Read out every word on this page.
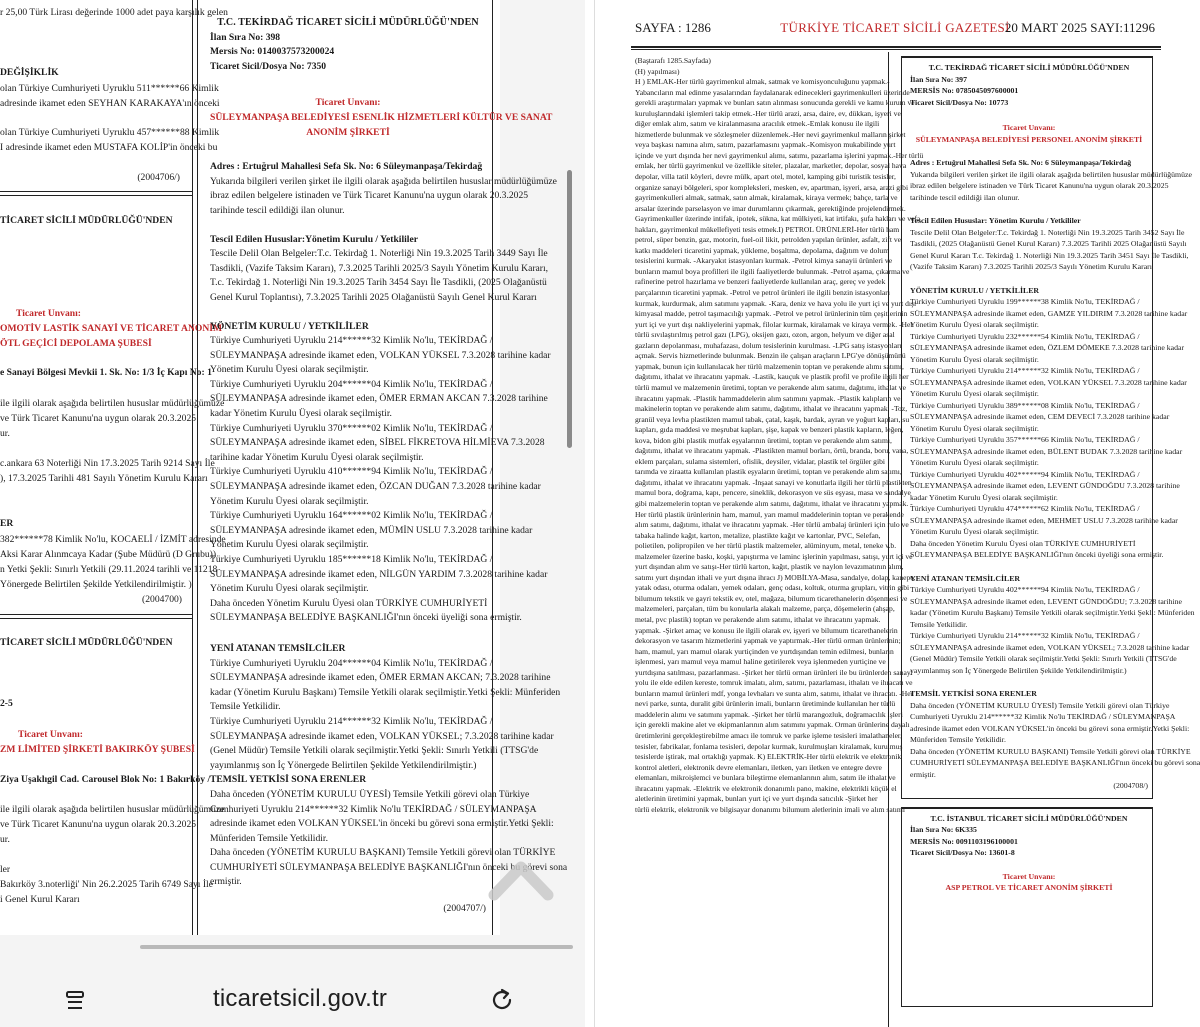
r 25,00 Türk Lirası değerinde 1000 adet paya karşılık gelen
DEĞİŞİKLİK
olan Türkiye Cumhuriyeti Uyruklu 511******66 Kimlik
adresinde ikamet eden SEYHAN KARAKAYA'ın önceki
olan Türkiye Cumhuriyeti Uyruklu 457******88 Kimlik
I adresinde ikamet eden MUSTAFA KOLİP'in önceki bu
(2004706/)
TİCARET SİCİLİ MÜDÜRLÜĞÜ'NDEN
Ticaret Unvanı:
OMOTİV LASTİK SANAYİ VE TİCARET ANONİM
ÖTL GEÇİCİ DEPOLAMA ŞUBESİ
e Sanayi Bölgesi Mevkii 1. Sk. No: 1/3 İç Kapı No: 1
ile ilgili olarak aşağıda belirtilen hususlar müdürlüğümüze
ve Türk Ticaret Kanunu'na uygun olarak 20.3.2025
ur.
c.ankara 63 Noterliği Nin 17.3.2025 Tarih 9214 Sayı İle
), 17.3.2025 Tarihli 481 Sayılı Yönetim Kurulu Kararı
ER
382******78 Kimlik No'lu, KOCAELİ / İZMİT adresinde
Aksi Karar Alınmcaya Kadar (Şube Müdürü (D Grubu))
n Yetki Şekli: Sınırlı Yetkili (29.11.2024 tarihli ve 11218
Yönergede Belirtilen Şekilde Yetkilendirilmiştir. )
(2004700)
TİCARET SİCİLİ MÜDÜRLÜĞÜ'NDEN
2-5
Ticaret Unvanı:
ZM LİMİTED ŞİRKETİ BAKIRKÖY ŞUBESİ
Ziya Uşaklıgil Cad. Carousel Blok No: 1 Bakırköy /
ile ilgili olarak aşağıda belirtilen hususlar müdürlüğümüze
ve Türk Ticaret Kanunu'na uygun olarak 20.3.2025
ur.
ler
Bakırköy 3.noterliği' Nin 26.2.2025 Tarih 6749 Sayı İle
i Genel Kurul Kararı
T.C. TEKİRDAĞ TİCARET SİCİLİ MÜDÜRLÜĞÜ'NDEN
İlan Sıra No: 398
Mersis No: 0140037573200024
Ticaret Sicil/Dosya No: 7350
Ticaret Unvanı:
SÜLEYMANPAŞA BELEDİYESİ ESENLİK HİZMETLERİ KÜLTÜR VE SANAT
ANONİM ŞİRKETİ
Adres : Ertuğrul Mahallesi Sefa Sk. No: 6 Süleymanpaşa/Tekirdağ
Yukarıda bilgileri verilen şirket ile ilgili olarak aşağıda belirtilen hususlar müdürlüğümüze
ibraz edilen belgelere istinaden ve Türk Ticaret Kanunu'na uygun olarak 20.3.2025
tarihinde tescil edildiği ilan olunur.
Tescil Edilen Hususlar:Yönetim Kurulu / Yetkililer
Tescile Delil Olan Belgeler:T.c. Tekirdağ 1. Noterliği Nin 19.3.2025 Tarih 3449 Sayı İle
Tasdikli, (Vazife Taksim Kararı), 7.3.2025 Tarihli 2025/3 Sayılı Yönetim Kurulu Kararı,
T.c. Tekirdağ 1. Noterliği Nin 19.3.2025 Tarih 3454 Sayı İle Tasdikli, (2025 Olağanüstü
Genel Kurul Toplantısı), 7.3.2025 Tarihli 2025 Olağanüstü Sayılı Genel Kurul Kararı
YÖNETİM KURULU / YETKİLİLER
Türkiye Cumhuriyeti Uyruklu 214******32 Kimlik No'lu, TEKİRDAĞ /
SÜLEYMANPAŞA adresinde ikamet eden, VOLKAN YÜKSEL 7.3.2028 tarihine kadar
Yönetim Kurulu Üyesi olarak seçilmiştir.
Türkiye Cumhuriyeti Uyruklu 204******04 Kimlik No'lu, TEKİRDAĞ /
SÜLEYMANPAŞA adresinde ikamet eden, ÖMER ERMAN AKCAN 7.3.2028 tarihine
kadar Yönetim Kurulu Üyesi olarak seçilmiştir.
Türkiye Cumhuriyeti Uyruklu 370******02 Kimlik No'lu, TEKİRDAĞ /
SÜLEYMANPAŞA adresinde ikamet eden, SİBEL FİKRETOVA HİLMİEVA 7.3.2028
tarihine kadar Yönetim Kurulu Üyesi olarak seçilmiştir.
Türkiye Cumhuriyeti Uyruklu 410******94 Kimlik No'lu, TEKİRDAĞ /
SÜLEYMANPAŞA adresinde ikamet eden, ÖZCAN DUĞAN 7.3.2028 tarihine kadar
Yönetim Kurulu Üyesi olarak seçilmiştir.
Türkiye Cumhuriyeti Uyruklu 164******02 Kimlik No'lu, TEKİRDAĞ /
SÜLEYMANPAŞA adresinde ikamet eden, MÜMİN USLU 7.3.2028 tarihine kadar
Yönetim Kurulu Üyesi olarak seçilmiştir.
Türkiye Cumhuriyeti Uyruklu 185******18 Kimlik No'lu, TEKİRDAĞ /
SÜLEYMANPAŞA adresinde ikamet eden, NİLGÜN YARDIM 7.3.2028 tarihine kadar
Yönetim Kurulu Üyesi olarak seçilmiştir.
Daha önceden Yönetim Kurulu Üyesi olan TÜRKİYE CUMHURİYETİ
SÜLEYMANPAŞA BELEDİYE BAŞKANLIĞI'nın önceki üyeliği sona ermiştir.
YENİ ATANAN TEMSİLCİLER
Türkiye Cumhuriyeti Uyruklu 204******04 Kimlik No'lu, TEKİRDAĞ /
SÜLEYMANPAŞA adresinde ikamet eden, ÖMER ERMAN AKCAN; 7.3.2028 tarihine
kadar (Yönetim Kurulu Başkanı) Temsile Yetkili olarak seçilmiştir.Yetki Şekli: Münferiden
Temsile Yetkilidir.
Türkiye Cumhuriyeti Uyruklu 214******32 Kimlik No'lu, TEKİRDAĞ /
SÜLEYMANPAŞA adresinde ikamet eden, VOLKAN YÜKSEL; 7.3.2028 tarihine kadar
(Genel Müdür) Temsile Yetkili olarak seçilmiştir.Yetki Şekli: Sınırlı Yetkili (TTSG'de
yayımlanmış son İç Yönergede Belirtilen Şekilde Yetkilendirilmiştir.)
TEMSİL YETKİSİ SONA ERENLER
Daha önceden (YÖNETİM KURULU ÜYESİ) Temsile Yetkili görevi olan Türkiye
Cumhuriyeti Uyruklu 214******32 Kimlik No'lu TEKİRDAĞ / SÜLEYMANPAŞA
adresinde ikamet eden VOLKAN YÜKSEL'in önceki bu görevi sona ermiştir.Yetki Şekli:
Münferiden Temsile Yetkilidir.
Daha önceden (YÖNETİM KURULU BAŞKANI) Temsile Yetkili görevi olan TÜRKİYE
CUMHURİYETİ SÜLEYMANPAŞA BELEDİYE BAŞKANLIĞI'nın önceki bu görevi sona
ermiştir.
(2004707/)
ticaretsicil.gov.tr
SAYFA : 1286	TÜRKİYE TİCARET SİCİLİ GAZETESİ
20 MART 2025 SAYI:11296
(Baştarafı 1285.Sayfada)
(H) yapılması)
H ) EMLAK-Her türlü gayrimenkul almak, satmak ve komisyonculuğunu yapmak.-
Yabancıların mal edinme yasalarından faydalanarak edinecekleri gayrimenkulleri üzerinde
gerekli araştırmaları yapmak ve bunları satın alınması sonucunda gerekli ve kamu kurum ve
kuruluşlarındaki işlemleri takip etmek.-Her türlü arazi, arsa, daire, ev, dükkan, işyeri ve
diğer emlak alım, satım ve kiralanmasına aracılık etmek.-Emlak konusu ile ilgili
hizmetlerde bulunmak ve sözleşmeler düzenlemek.-Her nevi gayrimenkul malların şirket
veya başkası namına alım, satım, pazarlamasını yapmak.-Komisyon mukabilinde yurt
içinde ve yurt dışında her nevi gayrimenkul alımı, satımı, pazarlama işlerini yapmak.-Her türlü
emlak, her türlü gayrimenkul ve özellikle siteler, plazalar, marketler, depolar, sosyal hava
depolar, villa tatil köyleri, devre mülk, apart otel, motel, kamping gibi turistik tesisler,
organize sanayi bölgeleri, spor kompleksleri, mesken, ev, apartman, işyeri, arsa, arazi gibi
gayrimenkulleri almak, satmak, satın almak, kiralamak, kiraya vermek; bahçe, tarla ve
arsalar üzerinde parselasyon ve imar durumlarını çıkarmak, gerektiğinde projelendirmek.
Gayrimenkuller üzerinde intifak, ipotek, sükna, kat mülkiyeti, kat irtifakı, şufa hakları ve vefa
hakları, gayrimenkul mükellefiyeti tesis etmek.I) PETROL ÜRÜNLERİ-Her türlü ham
petrol, süper benzin, gaz, motorin, fuel-oil likit, petrolden yapılan ürünler, asfalt, zift ve
katkı maddeleri ticaretini yapmak, yükleme, boşaltma, depolama, dağıtım ve dolum
tesislerini kurmak. -Akaryakıt istasyonları kurmak. -Petrol kimya sanayii ürünleri ve
bunların mamul boya profilleri ile ilgili faaliyetlerde bulunmak. -Petrol aşama, çıkarma ve
rafinerine petrol hazırlama ve benzeri faaliyetlerde kullanılan araç, gereç ve yedek
parçalarının ticaretini yapmak. -Petrol ve petrol ürünleri ile ilgili benzin istasyonları
kurmak, kurdurmak, alım satımını yapmak. -Kara, deniz ve hava yolu ile yurt içi ve yurt dışı
kimyasal madde, petrol taşımacılığı yapmak. -Petrol ve petrol ürünlerinin tüm çeşitlerinin
yurt içi ve yurt dışı nakliyelerini yapmak, filolar kurmak, kiralamak ve kiraya vermek. -Her
türlü sıvılaştırılmış petrol gazı (LPG), oksijen gazı, ozon, argon, helyum ve diğer asal
gazların depolanması, muhafazası, dolum tesislerinin kurulması. -LPG satış istasyonları
açmak. Servis hizmetlerinde bulunmak. Benzin ile çalışan araçların LPG'ye dönüşümünü
yapmak, bunun için kullanılacak her türlü malzemenin toptan ve perakende alımı satımı,
dağıtımı, ithalat ve ihracatını yapmak. -Lastik, kauçuk ve plastik profil ve profile ilgili her
türlü mamul ve malzemenin üretimi, toptan ve perakende alım satımı, dağıtımı, ithalat ve
ihracatını yapmak. -Plastik hammaddelerin alım satımını yapmak. -Plastik kalıpların ve
makinelerin toptan ve perakende alım satımı, dağıtımı, ithalat ve ihracatını yapmak. -Toz,
granül veya levha plastikten mamul tabak, çatal, kaşık, bardak, ayran ve yoğurt kapları, su
kapları, gıda maddesi ve meşrubat kapları, şişe, kapak ve benzeri plastik kapların, leğen,
kova, bidon gibi plastik mutfak eşyalarının üretimi, toptan ve perakende alım satımı,
dağıtımı, ithalat ve ihracatını yapmak. -Plastikten mamul borları, örtü, branda, boru, vana,
eklem parçaları, sulama sistemleri, ofislik, deysiler, vidalar, plastik tel örgüler gibi
tarımda ve ziraatta kullanılan plastik eşyaların üretimi, toptan ve perakende alım satımı,
dağıtımı, ithalat ve ihracatını yapmak. -İnşaat sanayi ve konutlarla ilgili her türlü plastikten
mamul bora, doğrama, kapı, pencere, sineklik, dekorasyon ve süs eşyası, masa ve sandalye
gibi malzemelerin toptan ve perakende alım satımı, dağıtımı, ithalat ve ihracatını yapmak. -
Her türlü plastik ürünlerinin ham, mamul, yarı mamul maddelerinin toptan ve perakende
alım satımı, dağıtımı, ithalat ve ihracatını yapmak. -Her türlü ambalaj ürünleri için rulo ve
tabaka halinde kağıt, karton, metalize, plastikte kağıt ve kartonlar, PVC, Selefan,
polietilen, polipropilen ve her türlü plastik malzemeler, alüminyum, metal, teneke v.b.
malzemeler üzerine baskı, koşki, yapıştırma ve laminc işlerinin yapılması, satışı, yurt içi ve
yurt dışından alım ve satışı-Her türlü karton, kağıt, plastik ve naylon levazımatının alım,
satımı yurt dışından ithali ve yurt dışına ihracı J) MOBİLYA-Masa, sandalye, dolap, kanepe,
yatak odası, oturma odaları, yemek odaları, genç odası, koltuk, oturma grupları, vitrin gibi
bilumum tekstik ve gayri tekstik ev, otel, mağaza, bilumum ticarethanelerin döşenmesi ve
malzemeleri, parçaları, tüm bu konularla alakalı malzeme, parça, döşemelerin (ahşap,
metal, pvc plastik) toptan ve perakende alım satımı, ithalat ve ihracatını yapmak.
yapmak. -Şirket amaç ve konusu ile ilgili olarak ev, işyeri ve bilumum ticarethanelerin
dekorasyon ve tasarım hizmetlerini yapmak ve yaptırmak.-Her türlü orman ürünlerinin;
ham, mamul, yarı mamul olarak yurtiçinden ve yurtdışından temin edilmesi, bunların
işlenmesi, yarı mamul veya mamul haline getirilerek veya işlenmeden yurtiçine ve
yurtdışına satılması, pazarlanması. -Şirket her türlü orman ürünleri ile bu ürünlerden sanayi
yolu ile elde edilen kereste, tomruk imalatı, alım, satımı, pazarlaması, ithalatı ve ihracatı ve
bunların mamul ürünleri mdf, yonga levhaları ve sunta alım, satımı, ithalat ve ihracatı. -Her
nevi parke, sunta, duralit gibi ürünlerin imali, bunların üretiminde kullanılan her türlü
maddelerin alımı ve satımını yapmak. -Şirket her türlü marangozluk, doğramacılık işleri
için gerekli makine alet ve ekipmanlarının alım satımını yapmak. Orman ürünlerine dayalı
üretimlerini gerçekleştirebilme amacı ile tomruk ve parke işleme tesisleri imalathaneler,
tesisler, fabrikalar, fonlama tesisleri, depolar kurmak, kurulmuşları kiralamak, kurulmuş
tesislerde iştirak, mal ortaklığı yapmak. K) ELEKTRİK-Her türlü elektrik ve elektronik
kontrol aletleri, elektronik devre elemanları, iletken, yarı iletken ve entegre devre
elemanları, mikroişlemci ve bunlara bileştirme elemanlarının alım, satım ile ithalat ve
ihracatını yapmak. -Elektrik ve elektronik donanımlı pano, makine, elektrikli küçük el
aletlerinin üretimini yapmak, bunları yurt içi ve yurt dışında satıcılık -Şirket her
türlü elektrik, elektronik ve bilgisayar donanımı bilumum aletlerinin imali ve alım satımı
T.C. TEKİRDAĞ TİCARET SİCİLİ MÜDÜRLÜĞÜ'NDEN
İlan Sıra No: 397
MERSİS No: 0785045097600001
Ticaret Sicil/Dosya No: 10773
Ticaret Unvanı:
SÜLEYMANPAŞA BELEDİYESİ PERSONEL ANONİM ŞİRKETİ
Adres : Ertuğrul Mahallesi Sefa Sk. No: 6 Süleymanpaşa/Tekirdağ
Yukarıda bilgileri verilen şirket ile ilgili olarak aşağıda belirtilen hususlar müdürlüğümüze
ibraz edilen belgelere istinaden ve Türk Ticaret Kanunu'na uygun olarak 20.3.2025
tarihinde tescil edildiği ilan olunur.
Tescil Edilen Hususlar: Yönetim Kurulu / Yetkililer
Tescile Delil Olan Belgeler:T.c. Tekirdağ 1. Noterliği Nin 19.3.2025 Tarih 3452 Sayı İle
Tasdikli, (2025 Olağanüstü Genel Kurul Kararı) 7.3.2025 Tarihli 2025 Olağanüstü Sayılı
Genel Kurul Kararı T.c. Tekirdağ 1. Noterliği Nin 19.3.2025 Tarih 3451 Sayı İle Tasdikli,
(Vazife Taksim Kararı) 7.3.2025 Tarihli 2025/3 Sayılı Yönetim Kurulu Kararı
YÖNETİM KURULU / YETKİLİLER
Türkiye Cumhuriyeti Uyruklu 199******38 Kimlik No'lu, TEKİRDAĞ /
SÜLEYMANPAŞA adresinde ikamet eden, GAMZE YILDIRIM 7.3.2028 tarihine kadar
Yönetim Kurulu Üyesi olarak seçilmiştir.
Türkiye Cumhuriyeti Uyruklu 232******54 Kimlik No'lu, TEKİRDAĞ /
SÜLEYMANPAŞA adresinde ikamet eden, ÖZLEM DÖMEKE 7.3.2028 tarihine kadar
Yönetim Kurulu Üyesi olarak seçilmiştir.
Türkiye Cumhuriyeti Uyruklu 214******32 Kimlik No'lu, TEKİRDAĞ /
SÜLEYMANPAŞA adresinde ikamet eden, VOLKAN YÜKSEL 7.3.2028 tarihine kadar
Yönetim Kurulu Üyesi olarak seçilmiştir.
Türkiye Cumhuriyeti Uyruklu 389******08 Kimlik No'lu, TEKİRDAĞ /
SÜLEYMANPAŞA adresinde ikamet eden, CEM DEVECİ 7.3.2028 tarihine kadar
Yönetim Kurulu Üyesi olarak seçilmiştir.
Türkiye Cumhuriyeti Uyruklu 357******66 Kimlik No'lu, TEKİRDAĞ /
SÜLEYMANPAŞA adresinde ikamet eden, BÜLENT BUDAK 7.3.2028 tarihine kadar
Yönetim Kurulu Üyesi olarak seçilmiştir.
Türkiye Cumhuriyeti Uyruklu 402******94 Kimlik No'lu, TEKİRDAĞ /
SÜLEYMANPAŞA adresinde ikamet eden, LEVENT GÜNDOĞDU 7.3.2028 tarihine
kadar Yönetim Kurulu Üyesi olarak seçilmiştir.
Türkiye Cumhuriyeti Uyruklu 474******62 Kimlik No'lu, TEKİRDAĞ /
SÜLEYMANPAŞA adresinde ikamet eden, MEHMET USLU 7.3.2028 tarihine kadar
Yönetim Kurulu Üyesi olarak seçilmiştir.
Daha önceden Yönetim Kurulu Üyesi olan TÜRKİYE CUMHURİYETİ
SÜLEYMANPAŞA BELEDİYE BAŞKANLIĞI'nın önceki üyeliği sona ermiştir.
YENİ ATANAN TEMSİLCİLER
Türkiye Cumhuriyeti Uyruklu 402******94 Kimlik No'lu, TEKİRDAĞ /
SÜLEYMANPAŞA adresinde ikamet eden, LEVENT GÜNDOĞDU; 7.3.2028 tarihine
kadar (Yönetim Kurulu Başkanı) Temsile Yetkili olarak seçilmiştir.Yetki Şekli: Münferiden
Temsile Yetkilidir.
Türkiye Cumhuriyeti Uyruklu 214******32 Kimlik No'lu, TEKİRDAĞ /
SÜLEYMANPAŞA adresinde ikamet eden, VOLKAN YÜKSEL; 7.3.2028 tarihine kadar
(Genel Müdür) Temsile Yetkili olarak seçilmiştir.Yetki Şekli: Sınırlı Yetkili (TTSG'de
yayımlanmış son İç Yönergede Belirtilen Şekilde Yetkilendirilmiştir.)
TEMSİL YETKİSİ SONA ERENLER
Daha önceden (YÖNETİM KURULU ÜYESİ) Temsile Yetkili görevi olan Türkiye
Cumhuriyeti Uyruklu 214******32 Kimlik No'lu TEKİRDAĞ / SÜLEYMANPAŞA
adresinde ikamet eden VOLKAN YÜKSEL'in önceki bu görevi sona ermiştir.Yetki Şekli:
Münferiden Temsile Yetkilidir.
Daha önceden (YÖNETİM KURULU BAŞKANI) Temsile Yetkili görevi olan TÜRKİYE
CUMHURİYETİ SÜLEYMANPAŞA BELEDİYE BAŞKANLIĞI'nın önceki bu görevi sona
ermiştir.
(2004708/)
T.C. İSTANBUL TİCARET SİCİLİ MÜDÜRLÜĞÜ'NDEN
İlan Sıra No: 6K335
MERSİS No: 0091103196100001
Ticaret Sicil/Dosya No: 13601-8
Ticaret Unvanı:
ASP PETROL VE TİCARET ANONİM ŞİRKETİ
